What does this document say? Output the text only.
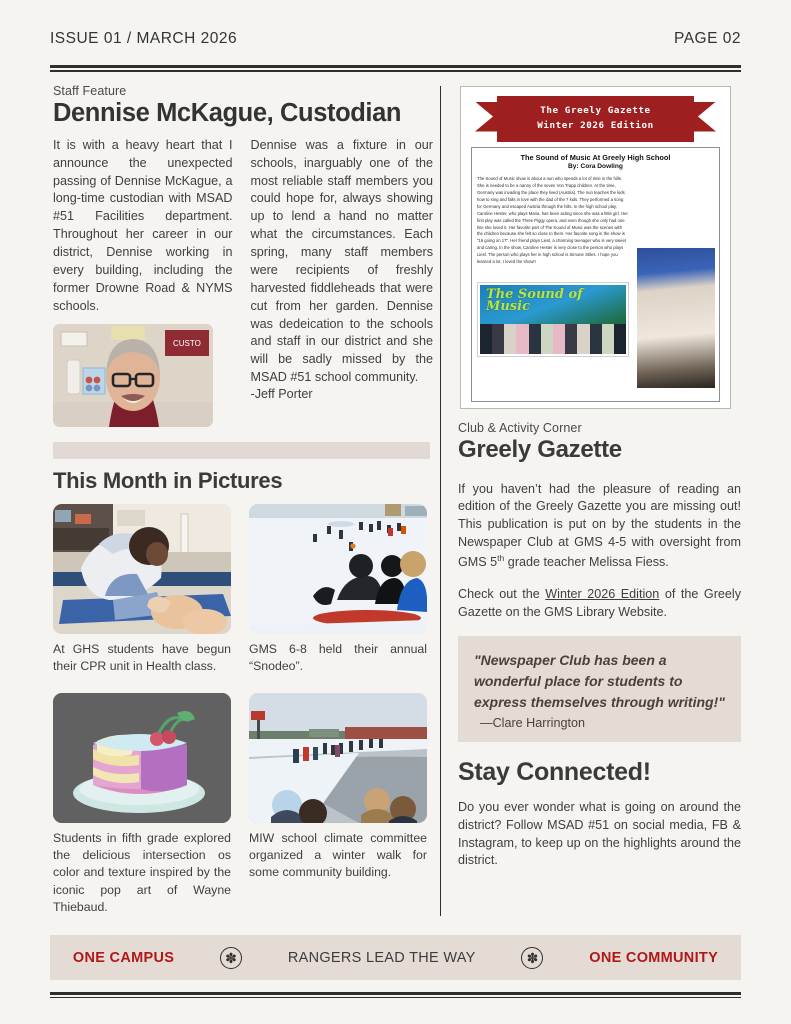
ISSUE 01 / MARCH 2026	PAGE 02
Staff Feature
Dennise McKague, Custodian

It is with a heavy heart that I announce the unexpected passing of Dennise McKague, a long-time custodian with MSAD #51 Facilities department. Throughout her career in our district, Dennise working in every building, including the former Drowne Road & NYMS schools.

CUSTO

Dennise was a fixture in our schools, inarguably one of the most reliable staff members you could hope for, always showing up to lend a hand no matter what the circumstances. Each spring, many staff members were recipients of freshly harvested fiddleheads that were cut from her garden. Dennise was dedeication to the schools and staff in our district and she will be sadly missed by the MSAD #51 school community.

-Jeff Porter

This Month in Pictures
At GHS students have begun their CPR unit in Health class.
GMS 6-8 held their annual “Snodeo”.
Students in fifth grade explored the delicious intersection os color and texture inspired by the iconic pop art of Wayne Thiebaud.
MIW school climate committee organized a winter walk for some community building.
The Greely Gazette
Winter 2026 Edition
The Sound of Music At Greely High School
By: Cora Dowling
The Sound of Music show is about a nun who spends a lot of time in the hills. She is needed to be a nanny of the seven Von Trapp children. At the time, Germany was invading the place they lived (Austria). The nun teaches the kids how to sing and falls in love with the dad of the 7 kids. They performed a song for Germany and escaped Austria through the hills. In the high school play, Caroline Hester, who plays Maria, has been acting since she was a little girl. Her first play was called the Three Piggy opera, and even though she only had one line she loved it. Her favorite part of The Sound of Music was the scenes with the children because she felt so close to them. Her favorite song in the show is “16 going on 17”. Her friend plays Liesl, a charming teenager who is very sweet and caring. In the show, Caroline Hester is very close to the person who plays Liesl. The person who plays her in high school is Simone Stiles. I hope you learned a lot. I loved the show!!
The Sound of Music
Club & Activity Corner
Greely Gazette

If you haven’t had the pleasure of reading an edition of the Greely Gazette you are missing out! This publication is put on by the students in the Newspaper Club at GMS 4-5 with oversight from GMS 5th grade teacher Melissa Fiess.

Check out the Winter 2026 Edition of the Greely Gazette on the GMS Library Website.

"Newspaper Club has been a wonderful place for students to express themselves through writing!"

—Clare Harrington
Stay Connected!

Do you ever wonder what is going on around the district? Follow MSAD #51 on social media, FB & Instagram, to keep up on the highlights around the district.

ONE CAMPUS	✽	RANGERS LEAD THE WAY	✽	ONE COMMUNITY
